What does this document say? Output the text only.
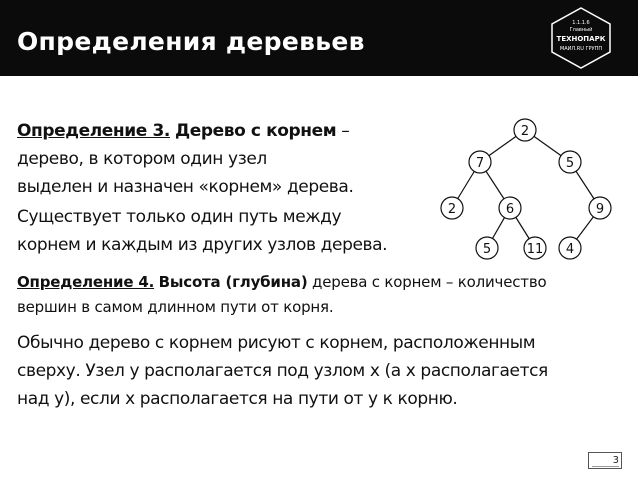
Определения деревьев
1.1.1.6
Главный
ТЕХНОПАРК
МАИЛ.RU ГРУПП
Определение 3. Дерево с корнем –
дерево, в котором один узел
выделен и назначен «корнем» дерева.
Существует только один путь между
корнем и каждым из других узлов дерева.
Определение 4. Высота (глубина) дерева с корнем – количество
вершин в самом длинном пути от корня.
Обычно дерево с корнем рисуют с корнем, расположенным
сверху. Узел y располагается под узлом x (а x располагается
над y), если x располагается на пути от y к корню.
2
7	5
2	6	9
5	11 4
3
